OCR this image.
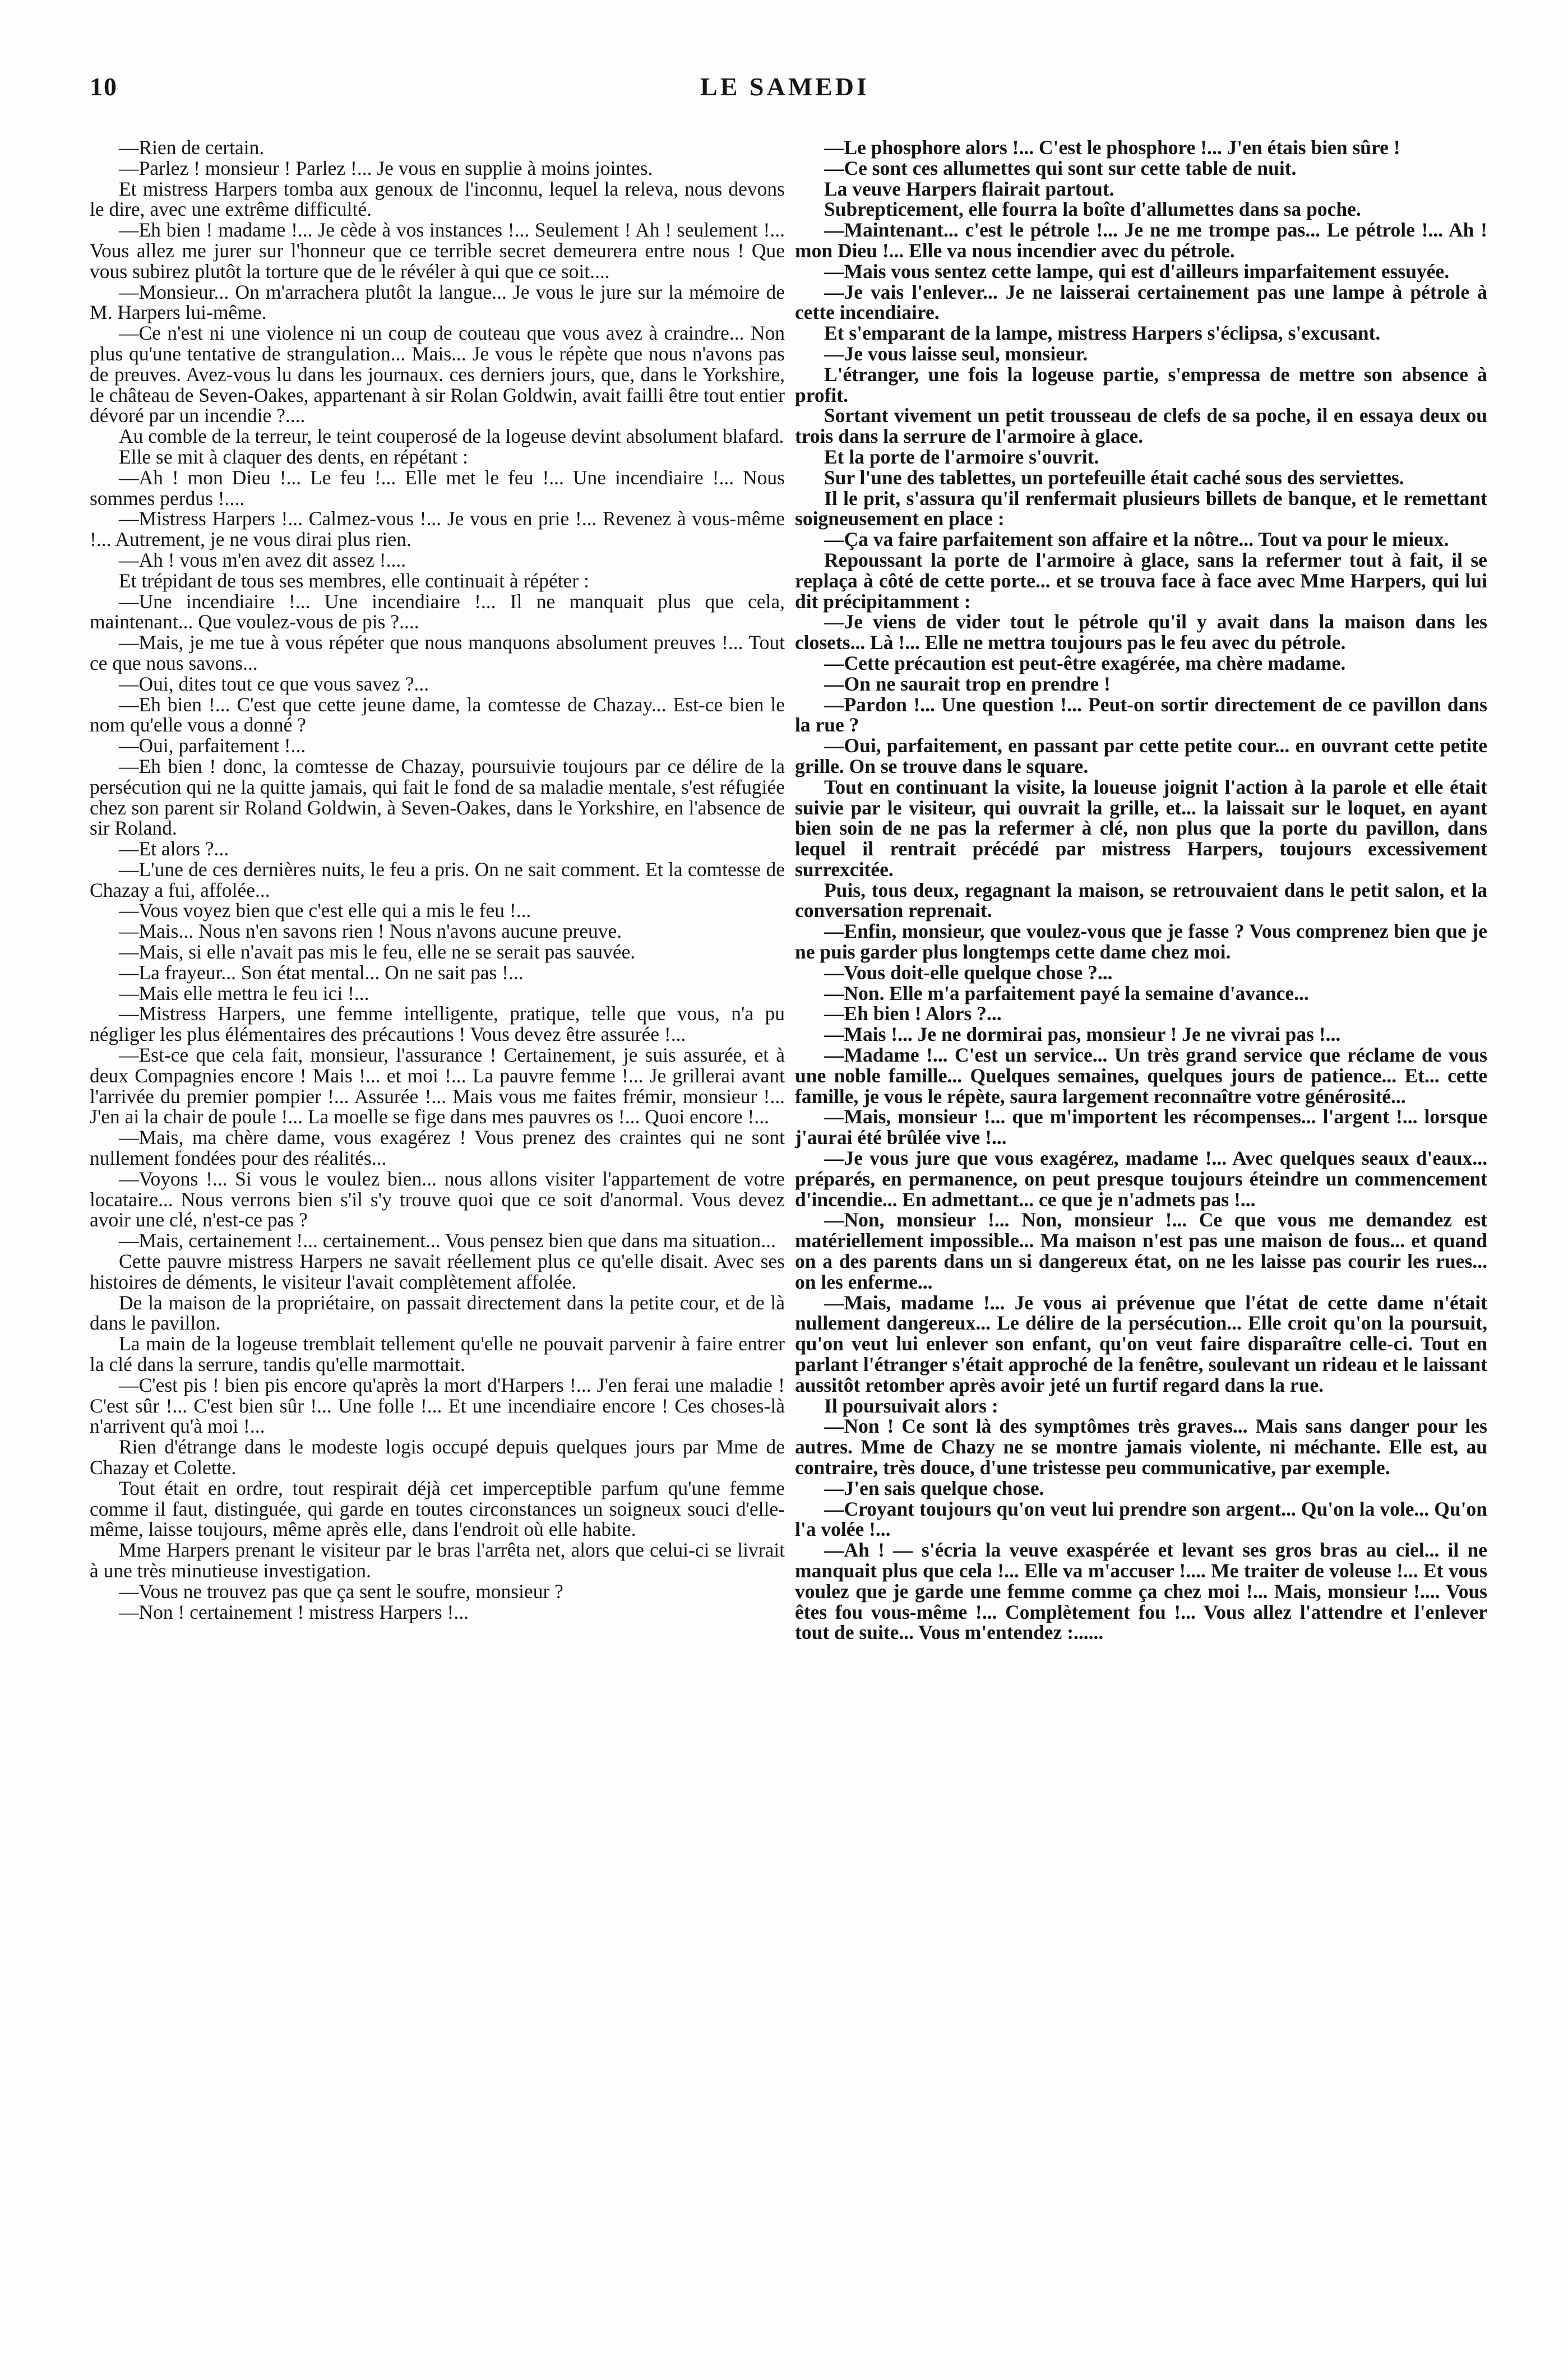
10	LE SAMEDI

—Rien de certain.

—Parlez ! monsieur ! Parlez !... Je vous en supplie à moins jointes.

Et mistress Harpers tomba aux genoux de l'inconnu, lequel la releva, nous devons le dire, avec une extrême difficulté.

—Eh bien ! madame !... Je cède à vos instances !... Seulement ! Ah ! seulement !... Vous allez me jurer sur l'honneur que ce terrible secret demeurera entre nous ! Que vous subirez plutôt la torture que de le révéler à qui que ce soit....

—Monsieur... On m'arrachera plutôt la langue... Je vous le jure sur la mémoire de M. Harpers lui-même.

—Ce n'est ni une violence ni un coup de couteau que vous avez à craindre... Non plus qu'une tentative de strangulation... Mais... Je vous le répète que nous n'avons pas de preuves. Avez-vous lu dans les journaux. ces derniers jours, que, dans le Yorkshire, le château de Seven-Oakes, appartenant à sir Rolan Goldwin, avait failli être tout entier dévoré par un incendie ?....

Au comble de la terreur, le teint couperosé de la logeuse devint absolument blafard.

Elle se mit à claquer des dents, en répétant :

—Ah ! mon Dieu !... Le feu !... Elle met le feu !... Une incendiaire !... Nous sommes perdus !....

—Mistress Harpers !... Calmez-vous !... Je vous en prie !... Revenez à vous-même !... Autrement, je ne vous dirai plus rien.

—Ah ! vous m'en avez dit assez !....

Et trépidant de tous ses membres, elle continuait à répéter :

—Une incendiaire !... Une incendiaire !... Il ne manquait plus que cela, maintenant... Que voulez-vous de pis ?....

—Mais, je me tue à vous répéter que nous manquons absolument preuves !... Tout ce que nous savons...

—Oui, dites tout ce que vous savez ?...

—Eh bien !... C'est que cette jeune dame, la comtesse de Chazay... Est-ce bien le nom qu'elle vous a donné ?

—Oui, parfaitement !...

—Eh bien ! donc, la comtesse de Chazay, poursuivie toujours par ce délire de la persécution qui ne la quitte jamais, qui fait le fond de sa maladie mentale, s'est réfugiée chez son parent sir Roland Goldwin, à Seven-Oakes, dans le Yorkshire, en l'absence de sir Roland.

—Et alors ?...

—L'une de ces dernières nuits, le feu a pris. On ne sait comment. Et la comtesse de Chazay a fui, affolée...

—Vous voyez bien que c'est elle qui a mis le feu !...

—Mais... Nous n'en savons rien ! Nous n'avons aucune preuve.

—Mais, si elle n'avait pas mis le feu, elle ne se serait pas sauvée.

—La frayeur... Son état mental... On ne sait pas !...

—Mais elle mettra le feu ici !...

—Mistress Harpers, une femme intelligente, pratique, telle que vous, n'a pu négliger les plus élémentaires des précautions ! Vous devez être assurée !...

—Est-ce que cela fait, monsieur, l'assurance ! Certainement, je suis assurée, et à deux Compagnies encore ! Mais !... et moi !... La pauvre femme !... Je grillerai avant l'arrivée du premier pompier !... Assurée !... Mais vous me faites frémir, monsieur !... J'en ai la chair de poule !... La moelle se fige dans mes pauvres os !... Quoi encore !...

—Mais, ma chère dame, vous exagérez ! Vous prenez des craintes qui ne sont nullement fondées pour des réalités...

—Voyons !... Si vous le voulez bien... nous allons visiter l'appartement de votre locataire... Nous verrons bien s'il s'y trouve quoi que ce soit d'anormal. Vous devez avoir une clé, n'est-ce pas ?

—Mais, certainement !... certainement... Vous pensez bien que dans ma situation...

Cette pauvre mistress Harpers ne savait réellement plus ce qu'elle disait. Avec ses histoires de déments, le visiteur l'avait complètement affolée.

De la maison de la propriétaire, on passait directement dans la petite cour, et de là dans le pavillon.

La main de la logeuse tremblait tellement qu'elle ne pouvait parvenir à faire entrer la clé dans la serrure, tandis qu'elle marmottait.

—C'est pis ! bien pis encore qu'après la mort d'Harpers !... J'en ferai une maladie ! C'est sûr !... C'est bien sûr !... Une folle !... Et une incendiaire encore ! Ces choses-là n'arrivent qu'à moi !...

Rien d'étrange dans le modeste logis occupé depuis quelques jours par Mme de Chazay et Colette.

Tout était en ordre, tout respirait déjà cet imperceptible parfum qu'une femme comme il faut, distinguée, qui garde en toutes circonstances un soigneux souci d'elle-même, laisse toujours, même après elle, dans l'endroit où elle habite.

Mme Harpers prenant le visiteur par le bras l'arrêta net, alors que celui-ci se livrait à une très minutieuse investigation.

—Vous ne trouvez pas que ça sent le soufre, monsieur ?

—Non ! certainement ! mistress Harpers !...

—Le phosphore alors !... C'est le phosphore !... J'en étais bien sûre !

—Ce sont ces allumettes qui sont sur cette table de nuit.

La veuve Harpers flairait partout.

Subrepticement, elle fourra la boîte d'allumettes dans sa poche.

—Maintenant... c'est le pétrole !... Je ne me trompe pas... Le pétrole !... Ah ! mon Dieu !... Elle va nous incendier avec du pétrole.

—Mais vous sentez cette lampe, qui est d'ailleurs imparfaitement essuyée.

—Je vais l'enlever... Je ne laisserai certainement pas une lampe à pétrole à cette incendiaire.

Et s'emparant de la lampe, mistress Harpers s'éclipsa, s'excusant.

—Je vous laisse seul, monsieur.

L'étranger, une fois la logeuse partie, s'empressa de mettre son absence à profit.

Sortant vivement un petit trousseau de clefs de sa poche, il en essaya deux ou trois dans la serrure de l'armoire à glace.

Et la porte de l'armoire s'ouvrit.

Sur l'une des tablettes, un portefeuille était caché sous des serviettes.

Il le prit, s'assura qu'il renfermait plusieurs billets de banque, et le remettant soigneusement en place :

—Ça va faire parfaitement son affaire et la nôtre... Tout va pour le mieux.

Repoussant la porte de l'armoire à glace, sans la refermer tout à fait, il se replaça à côté de cette porte... et se trouva face à face avec Mme Harpers, qui lui dit précipitamment :

—Je viens de vider tout le pétrole qu'il y avait dans la maison dans les closets... Là !... Elle ne mettra toujours pas le feu avec du pétrole.

—Cette précaution est peut-être exagérée, ma chère madame.

—On ne saurait trop en prendre !

—Pardon !... Une question !... Peut-on sortir directement de ce pavillon dans la rue ?

—Oui, parfaitement, en passant par cette petite cour... en ouvrant cette petite grille. On se trouve dans le square.

Tout en continuant la visite, la loueuse joignit l'action à la parole et elle était suivie par le visiteur, qui ouvrait la grille, et... la laissait sur le loquet, en ayant bien soin de ne pas la refermer à clé, non plus que la porte du pavillon, dans lequel il rentrait précédé par mistress Harpers, toujours excessivement surrexcitée.

Puis, tous deux, regagnant la maison, se retrouvaient dans le petit salon, et la conversation reprenait.

—Enfin, monsieur, que voulez-vous que je fasse ? Vous comprenez bien que je ne puis garder plus longtemps cette dame chez moi.

—Vous doit-elle quelque chose ?...

—Non. Elle m'a parfaitement payé la semaine d'avance...

—Eh bien ! Alors ?...

—Mais !... Je ne dormirai pas, monsieur ! Je ne vivrai pas !...

—Madame !... C'est un service... Un très grand service que réclame de vous une noble famille... Quelques semaines, quelques jours de patience... Et... cette famille, je vous le répète, saura largement reconnaître votre générosité...

—Mais, monsieur !... que m'importent les récompenses... l'argent !... lorsque j'aurai été brûlée vive !...

—Je vous jure que vous exagérez, madame !... Avec quelques seaux d'eaux... préparés, en permanence, on peut presque toujours éteindre un commencement d'incendie... En admettant... ce que je n'admets pas !...

—Non, monsieur !... Non, monsieur !... Ce que vous me demandez est matériellement impossible... Ma maison n'est pas une maison de fous... et quand on a des parents dans un si dangereux état, on ne les laisse pas courir les rues... on les enferme...

—Mais, madame !... Je vous ai prévenue que l'état de cette dame n'était nullement dangereux... Le délire de la persécution... Elle croit qu'on la poursuit, qu'on veut lui enlever son enfant, qu'on veut faire disparaître celle-ci. Tout en parlant l'étranger s'était approché de la fenêtre, soulevant un rideau et le laissant aussitôt retomber après avoir jeté un furtif regard dans la rue.

Il poursuivait alors :

—Non ! Ce sont là des symptômes très graves... Mais sans danger pour les autres. Mme de Chazy ne se montre jamais violente, ni méchante. Elle est, au contraire, très douce, d'une tristesse peu communicative, par exemple.

—J'en sais quelque chose.

—Croyant toujours qu'on veut lui prendre son argent... Qu'on la vole... Qu'on l'a volée !...

—Ah ! — s'écria la veuve exaspérée et levant ses gros bras au ciel... il ne manquait plus que cela !... Elle va m'accuser !.... Me traiter de voleuse !... Et vous voulez que je garde une femme comme ça chez moi !... Mais, monsieur !.... Vous êtes fou vous-même !... Complètement fou !... Vous allez l'attendre et l'enlever tout de suite... Vous m'entendez :......
